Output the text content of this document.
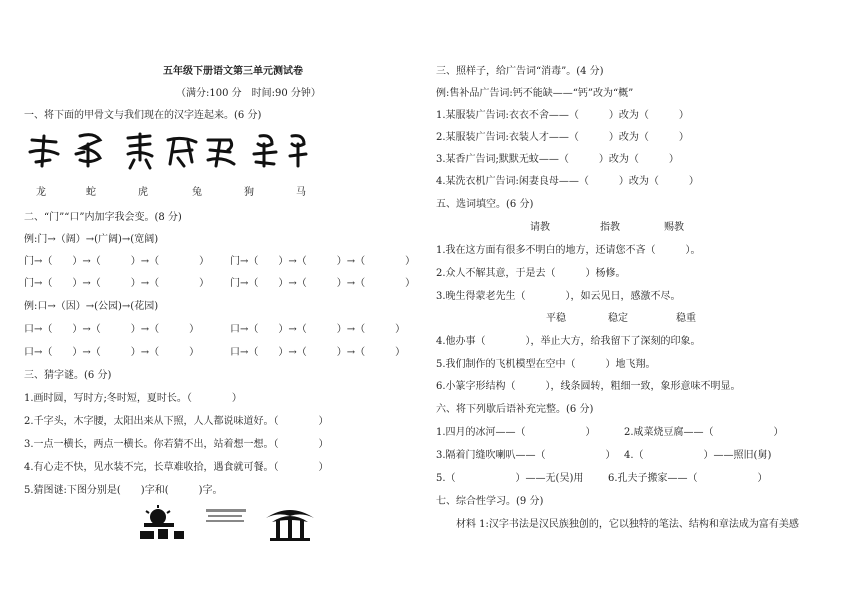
五年级下册语文第三单元测试卷
（满分:100 分　时间:90 分钟）
一、将下面的甲骨文与我们现在的汉字连起来。(6 分)
龙	蛇	虎	兔	狗	马
二、“门”“口”内加字我会变。(8 分)
例:门→（阔）→(广阔)→(宽阔)
门→（　　）→（　　　）→（　　　　） 门→（　　）→（　　　）→（　　　　）
门→（　　）→（　　　）→（　　　　） 门→（　　）→（　　　）→（　　　　）
例:口→（因）→(公园)→(花园)
口→（　　）→（　　　）→（　　　）	口→（　　）→（　　　）→（　　　）
口→（　　）→（　　　）→（　　　）	口→（　　）→（　　　）→（　　　）
三、猜字谜。(6 分)
1.画时圆，写时方;冬时短，夏时长。（　　　　）
2.千字头，木字腰，太阳出来从下照，人人都说味道好。（　　　　）
3.一点一横长，两点一横长。你若猜不出，站着想一想。（　　　　）
4.有心走不快，见水装不完，长草难收拾，遇食就可餐。（　　　　）
5.猜图谜:下图分别是(　　)字和(　　　)字。
三、照样子，给广告词“消毒”。(4 分)
例:售补品广告词:钙不能缺——“钙”改为“概”
1.某服装广告词:衣衣不舍——（　　　）改为（　　　）
2.某服装广告词:衣装人才——（　　　）改为（　　　）
3.某香广告词;默默无蚊——（　　　）改为（　　　）
4.某洗衣机广告词:闲妻良母——（　　　）改为（　　　）
五、选词填空。(6 分)
请教	指教	赐教
1.我在这方面有很多不明白的地方，还请您不吝（　　　）。
2.众人不解其意，于是去（　　　）杨修。
3.晚生得蒙老先生（　　　　），如云见日，感激不尽。
平稳	稳定	稳重
4.他办事（　　　　），举止大方，给我留下了深刻的印象。
5.我们制作的飞机模型在空中（　　　）地飞翔。
6.小篆字形结构（　　　），线条圆转，粗细一致，象形意味不明显。
六、将下列歇后语补充完整。(6 分)
1.四月的冰河——（　　　　　　）	2.咸菜烧豆腐——（　　　　　　）
3.隔着门缝吹喇叭——（　　　　　　） 4.（　　　　　　）——照旧(舅)
5.（　　　　　　）——无(吴)用 6.孔夫子搬家——（　　　　　　）
七、综合性学习。(9 分)
材料 1:汉字书法是汉民族独创的，它以独特的笔法、结构和章法成为富有美感
